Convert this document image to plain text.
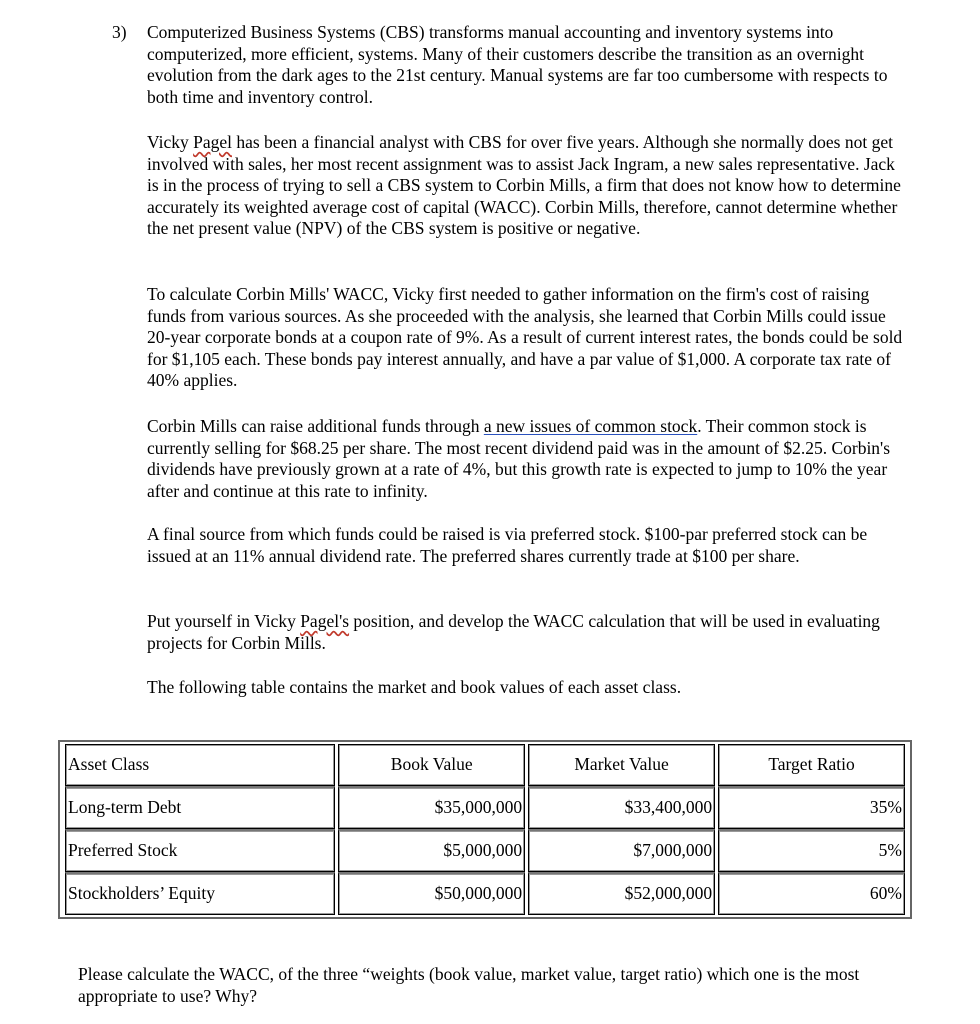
3) Computerized Business Systems (CBS) transforms manual accounting and inventory systems into computerized, more efficient, systems. Many of their customers describe the transition as an overnight evolution from the dark ages to the 21st century. Manual systems are far too cumbersome with respects to both time and inventory control.

Vicky Pagel has been a financial analyst with CBS for over five years. Although she normally does not get involved with sales, her most recent assignment was to assist Jack Ingram, a new sales representative. Jack is in the process of trying to sell a CBS system to Corbin Mills, a firm that does not know how to determine accurately its weighted average cost of capital (WACC). Corbin Mills, therefore, cannot determine whether the net present value (NPV) of the CBS system is positive or negative.

To calculate Corbin Mills' WACC, Vicky first needed to gather information on the firm's cost of raising funds from various sources. As she proceeded with the analysis, she learned that Corbin Mills could issue 20-year corporate bonds at a coupon rate of 9%. As a result of current interest rates, the bonds could be sold for $1,105 each. These bonds pay interest annually, and have a par value of $1,000. A corporate tax rate of 40% applies.

Corbin Mills can raise additional funds through a new issues of common stock. Their common stock is currently selling for $68.25 per share. The most recent dividend paid was in the amount of $2.25. Corbin's dividends have previously grown at a rate of 4%, but this growth rate is expected to jump to 10% the year after and continue at this rate to infinity.

A final source from which funds could be raised is via preferred stock. $100-par preferred stock can be issued at an 11% annual dividend rate. The preferred shares currently trade at $100 per share.

Put yourself in Vicky Pagel's position, and develop the WACC calculation that will be used in evaluating projects for Corbin Mills.

The following table contains the market and book values of each asset class.

Asset Class	Book Value	Market Value	Target Ratio
Long-term Debt	$35,000,000	$33,400,000	35%
Preferred Stock	$5,000,000	$7,000,000	5%
Stockholders’ Equity	$50,000,000	$52,000,000	60%

Please calculate the WACC, of the three “weights (book value, market value, target ratio) which one is the most appropriate to use? Why?
